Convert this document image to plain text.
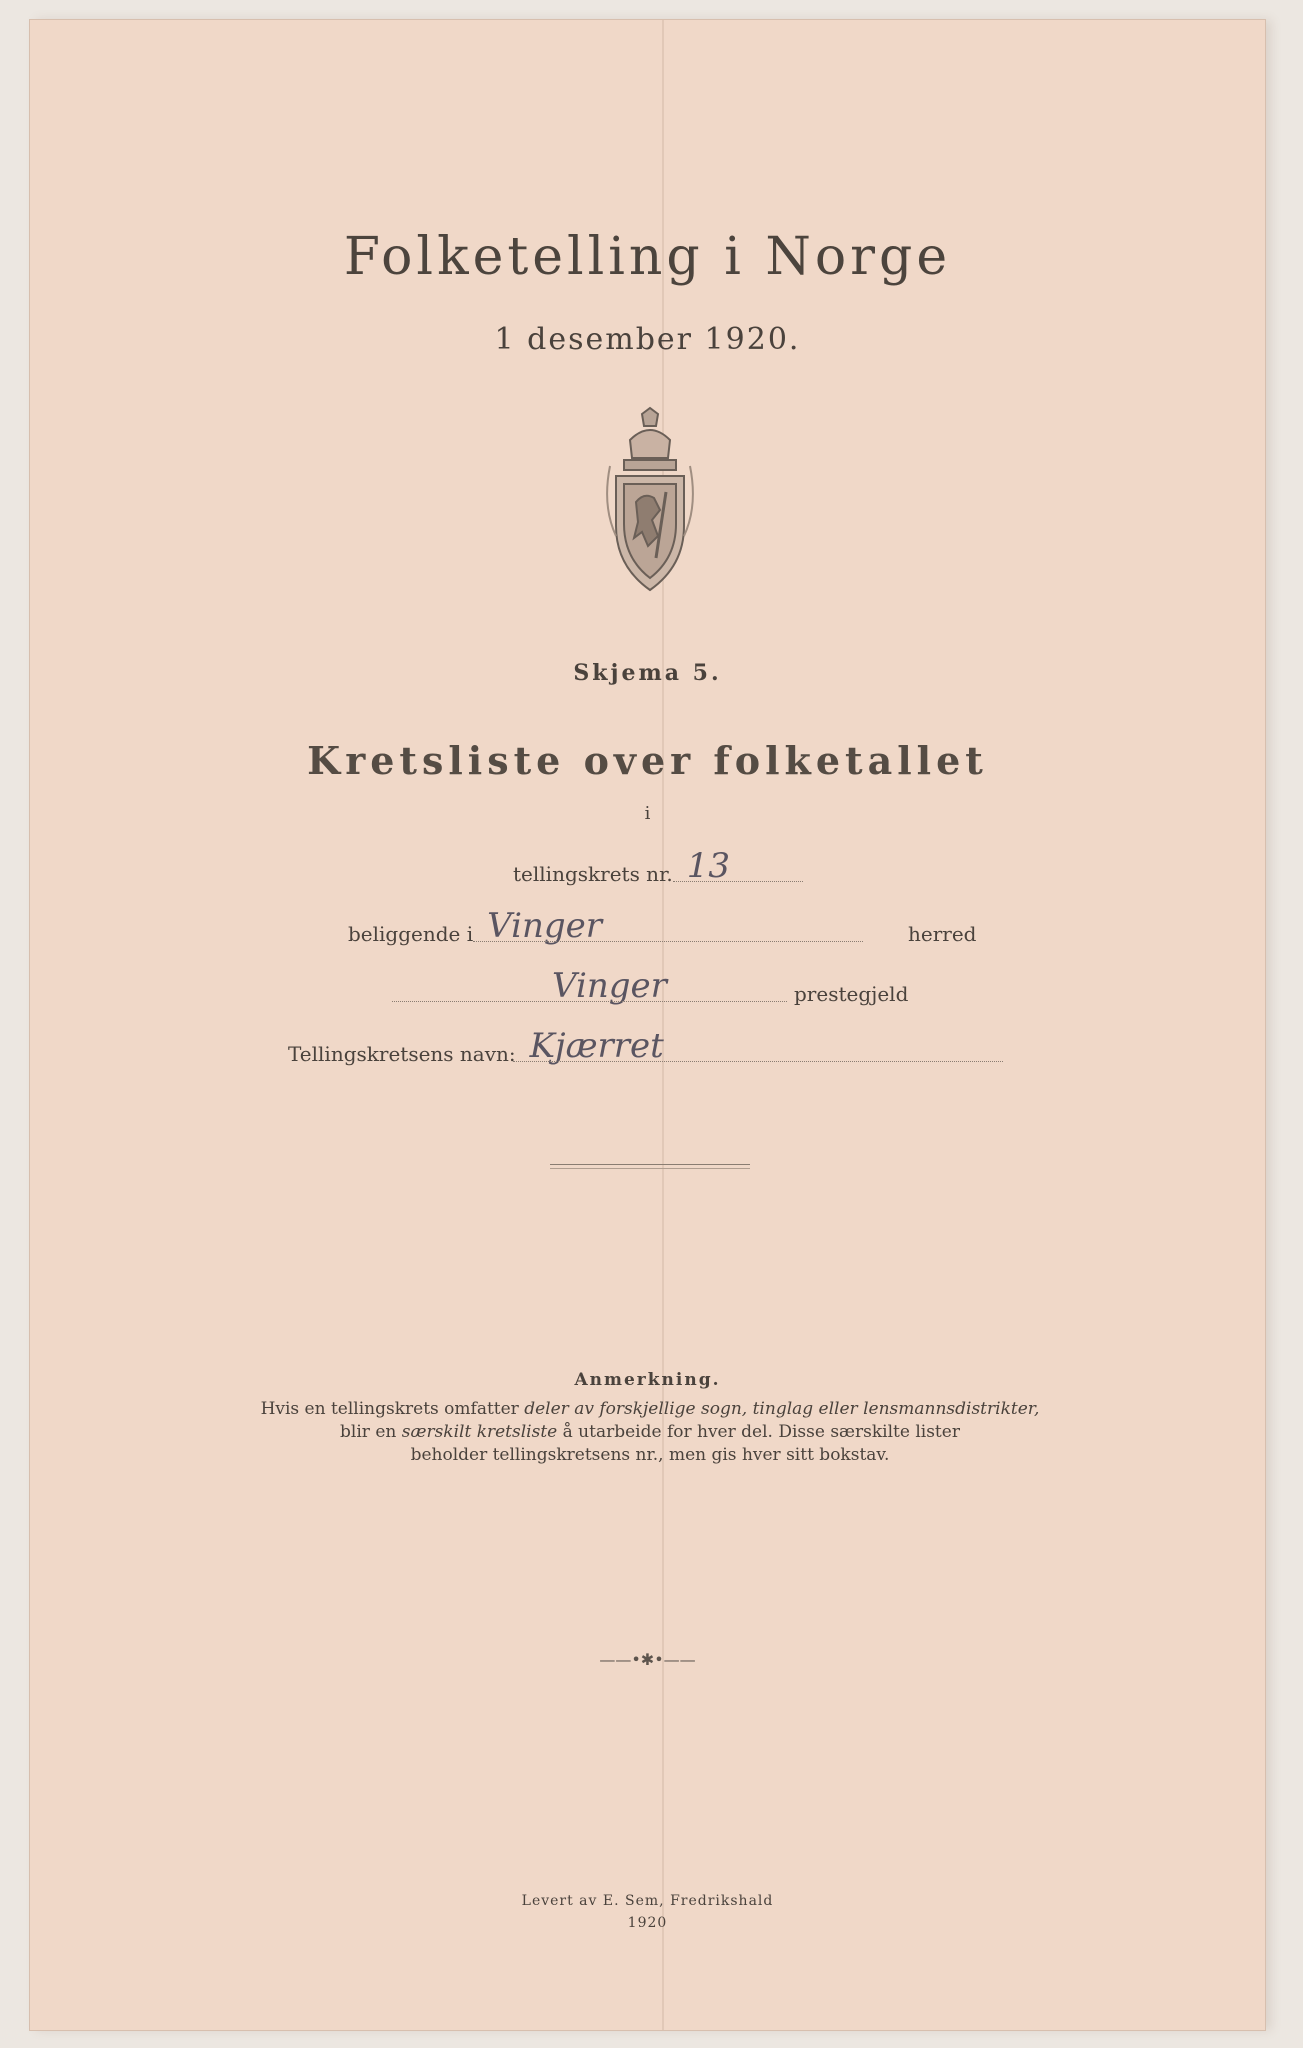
Folketelling i Norge
1 desember 1920.
Skjema 5.
Kretsliste over folketallet
i
tellingskrets nr. 13
beliggende i Vinger	herred
Vinger	prestegjeld
Tellingskretsens navn: Kjærret
Anmerkning.
Hvis en tellingskrets omfatter deler av forskjellige sogn, tinglag eller lensmannsdistrikter,
blir en særskilt kretsliste å utarbeide for hver del. Disse særskilte lister
beholder tellingskretsens nr., men gis hver sitt bokstav.
——•✱•——
Levert av E. Sem, Fredrikshald
1920
